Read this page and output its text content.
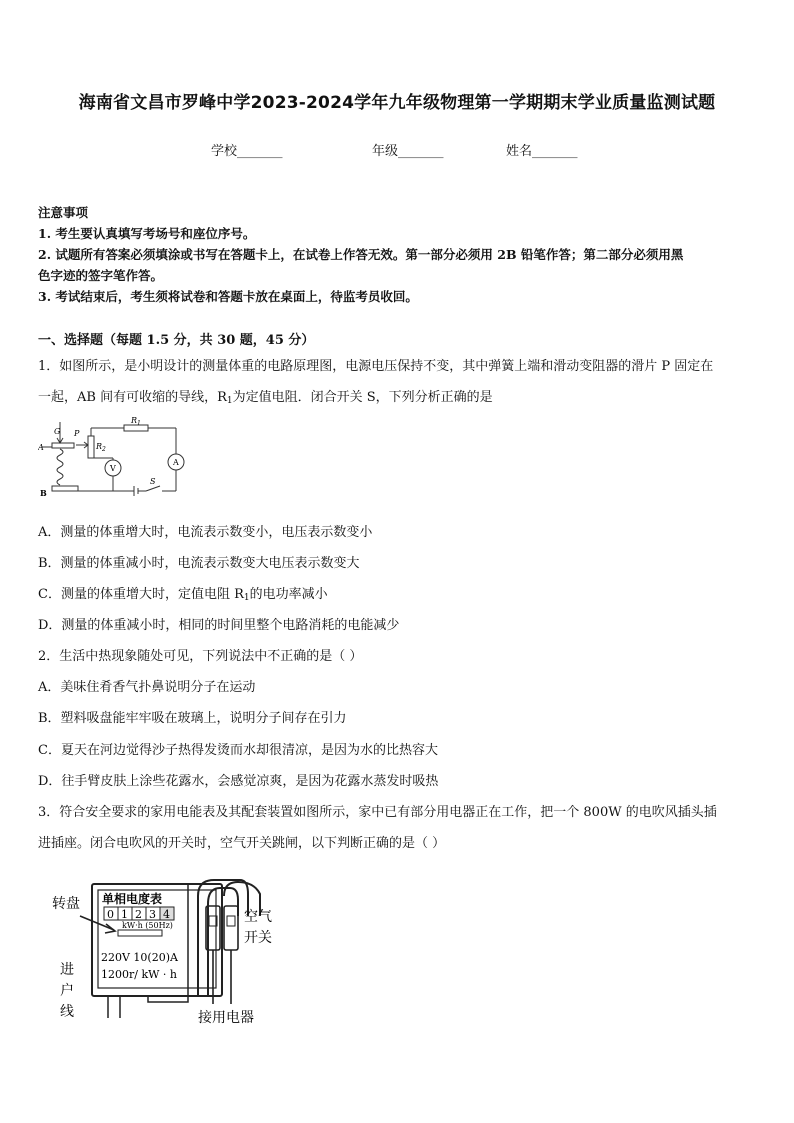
海南省文昌市罗峰中学2023-2024学年九年级物理第一学期期末学业质量监测试题
学校_______	年级_______	姓名_______
注意事项
1. 考生要认真填写考场号和座位序号。
2. 试题所有答案必须填涂或书写在答题卡上，在试卷上作答无效。第一部分必须用 2B 铅笔作答；第二部分必须用黑
色字迹的签字笔作答。
3. 考试结束后，考生须将试卷和答题卡放在桌面上，待监考员收回。
一、选择题（每题 1.5 分，共 30 题，45 分）
1．如图所示，是小明设计的测量体重的电路原理图，电源电压保持不变，其中弹簧上端和滑动变阻器的滑片 P 固定在
一起，AB 间有可收缩的导线，$R_1$为定值电阻．闭合开关 S，下列分析正确的是
G P
A
B
$R_2$
$R_1$
V
A
S
A．测量的体重增大时，电流表示数变小，电压表示数变小
B．测量的体重减小时，电流表示数变大电压表示数变大
C．测量的体重增大时，定值电阻 $R_1$的电功率减小
D．测量的体重减小时，相同的时间里整个电路消耗的电能减少
2．生活中热现象随处可见，下列说法中不正确的是（ ）
A．美味住肴香气扑鼻说明分子在运动
B．塑料吸盘能牢牢吸在玻璃上，说明分子间存在引力
C．夏天在河边觉得沙子热得发烫而水却很清凉，是因为水的比热容大
D．往手臂皮肤上涂些花露水，会感觉凉爽，是因为花露水蒸发时吸热
3．符合安全要求的家用电能表及其配套装置如图所示，家中已有部分用电器正在工作，把一个 800W 的电吹风插头插
进插座。闭合电吹风的开关时，空气开关跳闸，以下判断正确的是（ ）
转盘 单相电度表
0 1 2 3 4
kW·h (50Hz)
220V 10(20)A
1200r/ kW · h
空气
开关
进
户
线	接用电器
